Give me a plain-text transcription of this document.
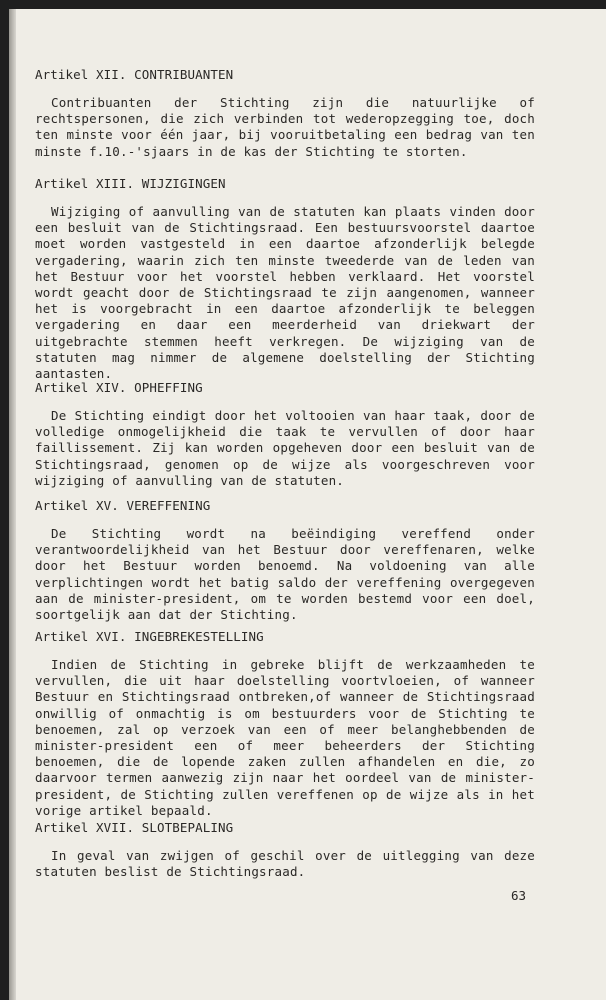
Artikel XII. CONTRIBUANTEN

Contribuanten der Stichting zijn die natuurlijke of rechtspersonen, die zich verbinden tot wederopzegging toe, doch ten minste voor één jaar, bij vooruitbetaling een bedrag van ten minste f.10.-'sjaars in de kas der Stichting te storten.

Artikel XIII. WIJZIGINGEN

Wijziging of aanvulling van de statuten kan plaats vinden door een besluit van de Stichtingsraad. Een bestuursvoorstel daartoe moet worden vastgesteld in een daartoe afzonderlijk belegde vergadering, waarin zich ten minste tweederde van de leden van het Bestuur voor het voorstel hebben verklaard. Het voorstel wordt geacht door de Stichtingsraad te zijn aangenomen, wanneer het is voorgebracht in een daartoe afzonderlijk te beleggen vergadering en daar een meerderheid van driekwart der uitgebrachte stemmen heeft verkregen. De wijziging van de statuten mag nimmer de algemene doelstelling der Stichting aantasten.

Artikel XIV. OPHEFFING

De Stichting eindigt door het voltooien van haar taak, door de volledige onmogelijkheid die taak te vervullen of door haar faillissement. Zij kan worden opgeheven door een besluit van de Stichtingsraad, genomen op de wijze als voorgeschreven voor wijziging of aanvulling van de statuten.

Artikel XV. VEREFFENING

De Stichting wordt na beëindiging vereffend onder verantwoordelijkheid van het Bestuur door vereffenaren, welke door het Bestuur worden benoemd. Na voldoening van alle verplichtingen wordt het batig saldo der vereffening overgegeven aan de minister-president, om te worden bestemd voor een doel, soortgelijk aan dat der Stichting.

Artikel XVI. INGEBREKESTELLING

Indien de Stichting in gebreke blijft de werkzaamheden te vervullen, die uit haar doelstelling voortvloeien, of wanneer Bestuur en Stichtingsraad ontbreken,of wanneer de Stichtingsraad onwillig of onmachtig is om bestuurders voor de Stichting te benoemen, zal op verzoek van een of meer belanghebbenden de minister-president een of meer beheerders der Stichting benoemen, die de lopende zaken zullen afhandelen en die, zo daarvoor termen aanwezig zijn naar het oordeel van de minister-president, de Stichting zullen vereffenen op de wijze als in het vorige artikel bepaald.

Artikel XVII. SLOTBEPALING

In geval van zwijgen of geschil over de uitlegging van deze statuten beslist de Stichtingsraad.

63
